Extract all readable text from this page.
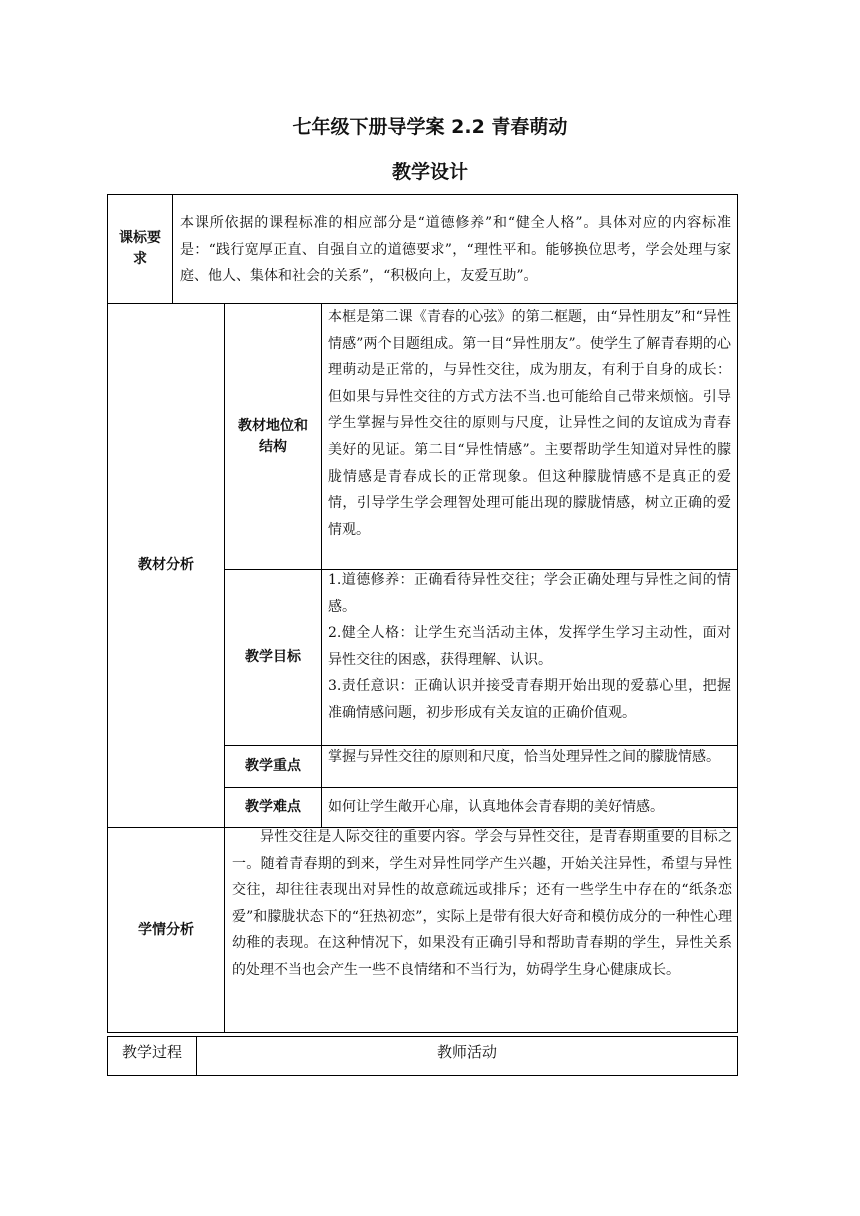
七年级下册导学案 2.2 青春萌动
教学设计
课标要
求
本课所依据的课程标准的相应部分是“道德修养”和“健全人格”。具体对应的内容标准是：“践行宽厚正直、自强自立的道德要求”，“理性平和。能够换位思考，学会处理与家庭、他人、集体和社会的关系”，“积极向上，友爱互助”。
教材分析
教材地位和
结构
本框是第二课《青春的心弦》的第二框题，由“异性朋友”和“异性情感”两个目题组成。第一目“异性朋友”。使学生了解青春期的心理萌动是正常的，与异性交往，成为朋友，有利于自身的成长：但如果与异性交往的方式方法不当.也可能给自己带来烦恼。引导学生掌握与异性交往的原则与尺度，让异性之间的友谊成为青春美好的见证。第二目“异性情感”。主要帮助学生知道对异性的朦胧情感是青春成长的正常现象。但这种朦胧情感不是真正的爱情，引导学生学会理智处理可能出现的朦胧情感，树立正确的爱情观。
教学目标

1.道德修养：正确看待异性交往；学会正确处理与异性之间的情感。

2.健全人格：让学生充当活动主体，发挥学生学习主动性，面对异性交往的困惑，获得理解、认识。

3.责任意识：正确认识并接受青春期开始出现的爱慕心里，把握准确情感问题，初步形成有关友谊的正确价值观。

教学重点
掌握与异性交往的原则和尺度，恰当处理异性之间的朦胧情感。
教学难点	如何让学生敞开心扉，认真地体会青春期的美好情感。
学情分析
异性交往是人际交往的重要内容。学会与异性交往，是青春期重要的目标之一。随着青春期的到来，学生对异性同学产生兴趣，开始关注异性，希望与异性交往，却往往表现出对异性的故意疏远或排斥；还有一些学生中存在的“纸条恋爱”和朦胧状态下的“狂热初恋”，实际上是带有很大好奇和模仿成分的一种性心理幼稚的表现。在这种情况下，如果没有正确引导和帮助青春期的学生，异性关系的处理不当也会产生一些不良情绪和不当行为，妨碍学生身心健康成长。
教学过程	教师活动
